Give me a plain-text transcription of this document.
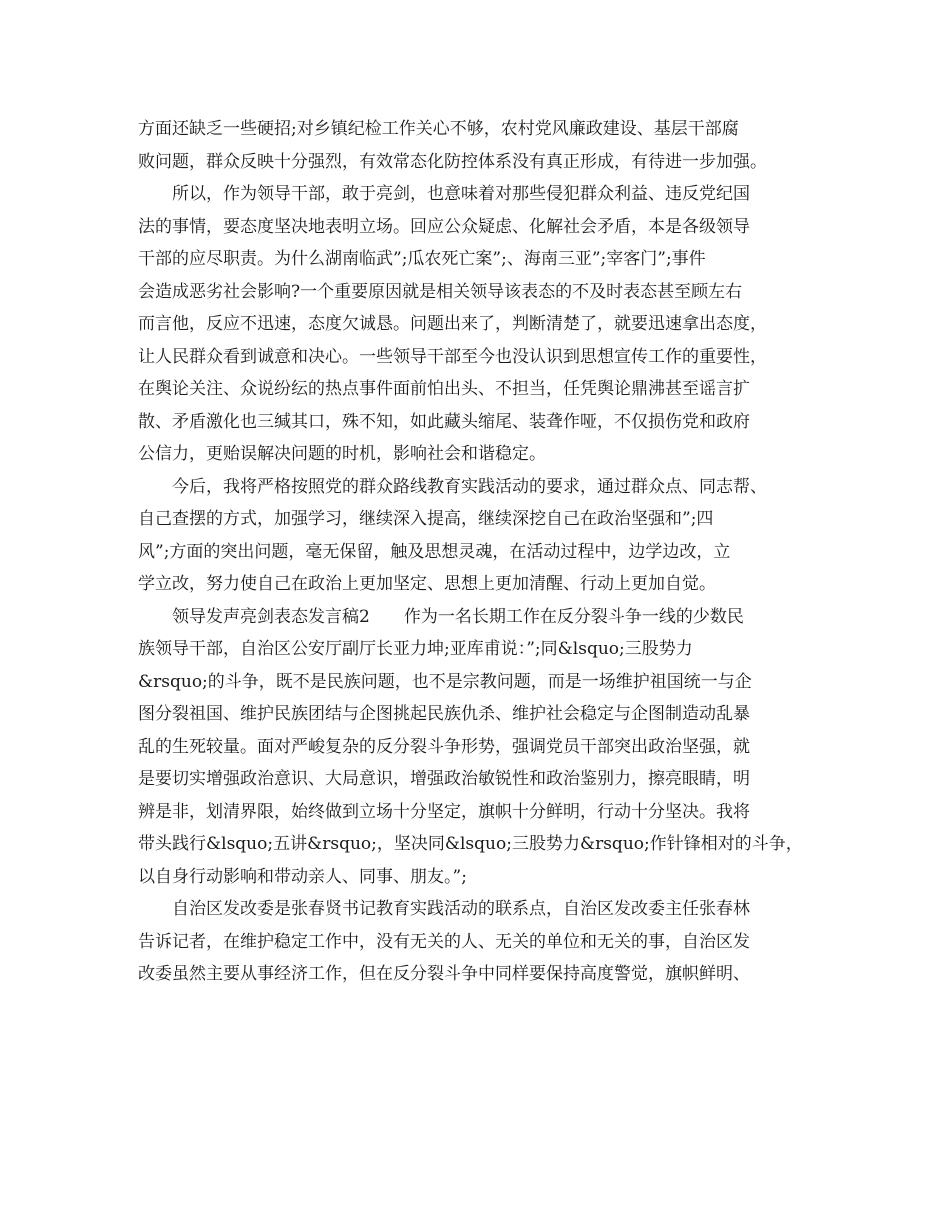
方面还缺乏一些硬招;对乡镇纪检工作关心不够，农村党风廉政建设、基层干部腐
败问题，群众反映十分强烈，有效常态化防控体系没有真正形成，有待进一步加强。
所以，作为领导干部，敢于亮剑，也意味着对那些侵犯群众利益、违反党纪国
法的事情，要态度坚决地表明立场。回应公众疑虑、化解社会矛盾，本是各级领导
干部的应尽职责。为什么湖南临武”;瓜农死亡案”;、海南三亚”;宰客门”;事件
会造成恶劣社会影响?一个重要原因就是相关领导该表态的不及时表态甚至顾左右
而言他，反应不迅速，态度欠诚恳。问题出来了，判断清楚了，就要迅速拿出态度，
让人民群众看到诚意和决心。一些领导干部至今也没认识到思想宣传工作的重要性，
在舆论关注、众说纷纭的热点事件面前怕出头、不担当，任凭舆论鼎沸甚至谣言扩
散、矛盾激化也三缄其口，殊不知，如此藏头缩尾、装聋作哑，不仅损伤党和政府
公信力，更贻误解决问题的时机，影响社会和谐稳定。
今后，我将严格按照党的群众路线教育实践活动的要求，通过群众点、同志帮、
自己查摆的方式，加强学习，继续深入提高，继续深挖自己在政治坚强和”;四
风”;方面的突出问题，毫无保留，触及思想灵魂，在活动过程中，边学边改，立
学立改，努力使自己在政治上更加坚定、思想上更加清醒、行动上更加自觉。
领导发声亮剑表态发言稿2　　作为一名长期工作在反分裂斗争一线的少数民
族领导干部，自治区公安厅副厅长亚力坤;亚库甫说：”;同&lsquo;三股势力
&rsquo;的斗争，既不是民族问题，也不是宗教问题，而是一场维护祖国统一与企
图分裂祖国、维护民族团结与企图挑起民族仇杀、维护社会稳定与企图制造动乱暴
乱的生死较量。面对严峻复杂的反分裂斗争形势，强调党员干部突出政治坚强，就
是要切实增强政治意识、大局意识，增强政治敏锐性和政治鉴别力，擦亮眼睛，明
辨是非，划清界限，始终做到立场十分坚定，旗帜十分鲜明，行动十分坚决。我将
带头践行&lsquo;五讲&rsquo;，坚决同&lsquo;三股势力&rsquo;作针锋相对的斗争，
以自身行动影响和带动亲人、同事、朋友。”;
自治区发改委是张春贤书记教育实践活动的联系点，自治区发改委主任张春林
告诉记者，在维护稳定工作中，没有无关的人、无关的单位和无关的事，自治区发
改委虽然主要从事经济工作，但在反分裂斗争中同样要保持高度警觉，旗帜鲜明、
